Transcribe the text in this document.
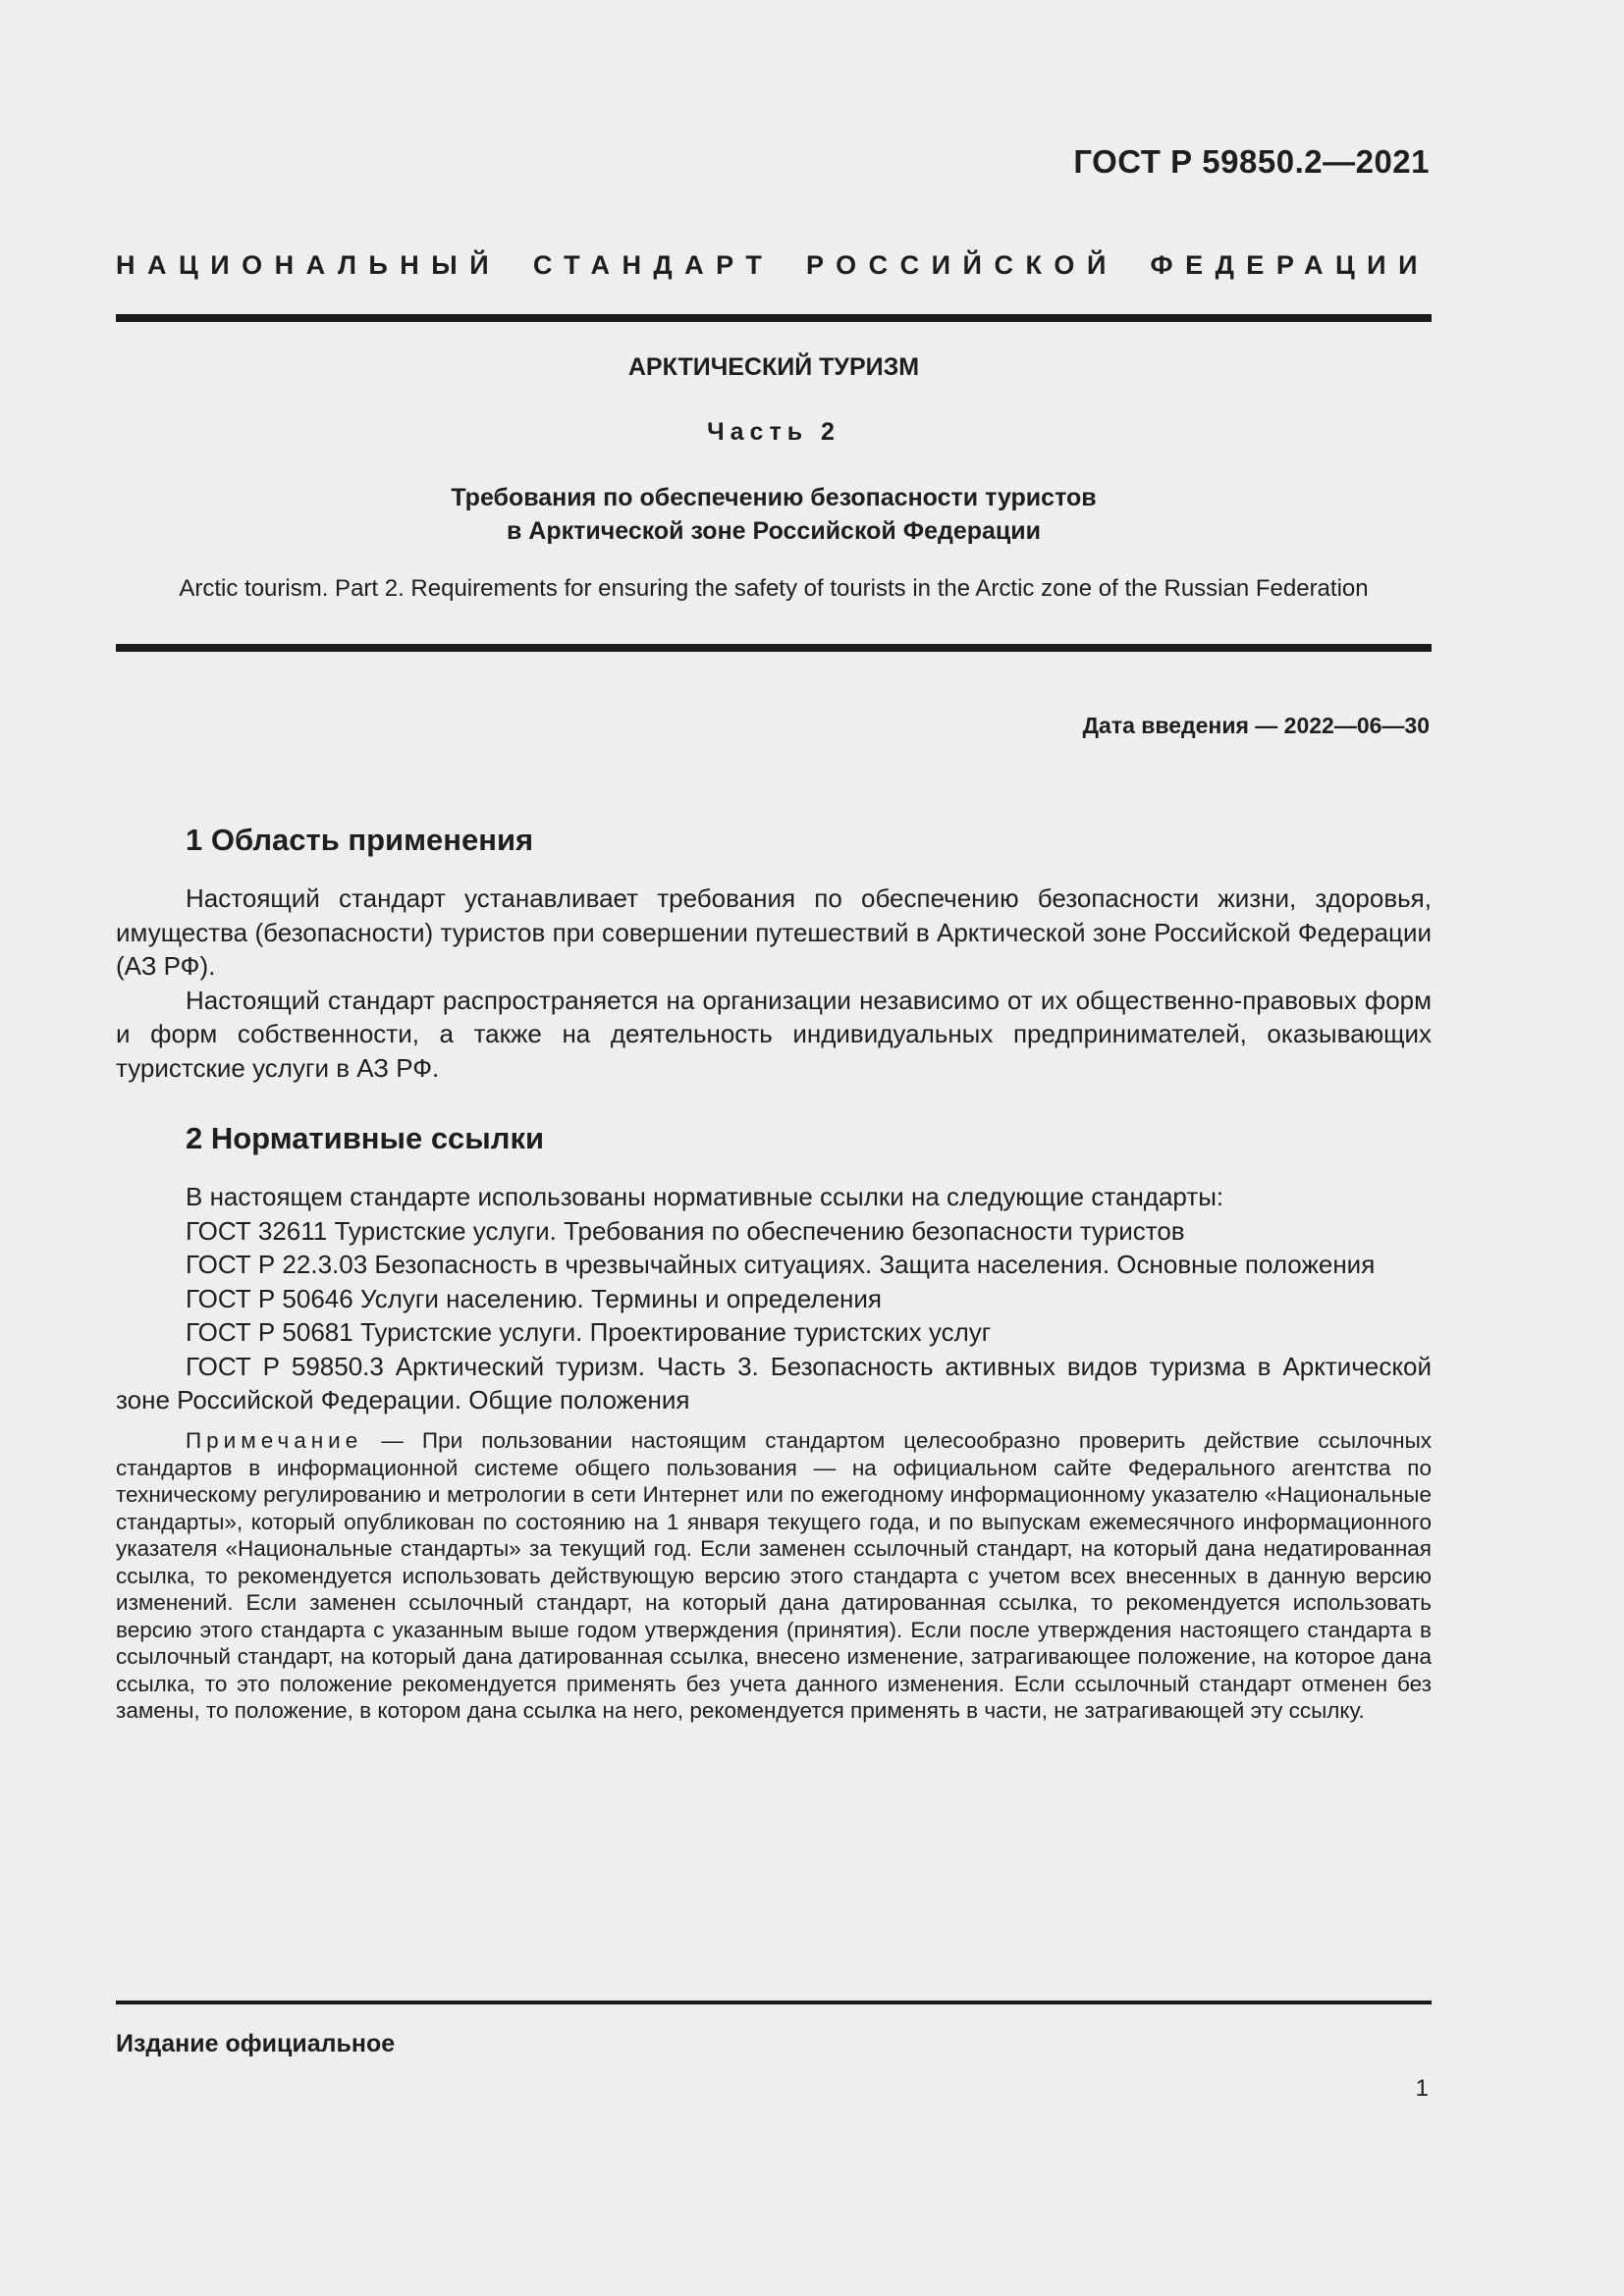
ГОСТ Р 59850.2—2021
НАЦИОНАЛЬНЫЙ СТАНДАРТ РОССИЙСКОЙ ФЕДЕРАЦИИ
АРКТИЧЕСКИЙ ТУРИЗМ
Часть 2
Требования по обеспечению безопасности туристов
в Арктической зоне Российской Федерации
Arctic tourism. Part 2. Requirements for ensuring the safety of tourists in the Arctic zone of the Russian Federation
Дата введения — 2022—06—30
1 Область применения

Настоящий стандарт устанавливает требования по обеспечению безопасности жизни, здоровья, имущества (безопасности) туристов при совершении путешествий в Арктической зоне Российской Федерации (АЗ РФ).

Настоящий стандарт распространяется на организации независимо от их общественно-правовых форм и форм собственности, а также на деятельность индивидуальных предпринимателей, оказывающих туристские услуги в АЗ РФ.

2 Нормативные ссылки

В настоящем стандарте использованы нормативные ссылки на следующие стандарты:

ГОСТ 32611 Туристские услуги. Требования по обеспечению безопасности туристов

ГОСТ Р 22.3.03 Безопасность в чрезвычайных ситуациях. Защита населения. Основные положения

ГОСТ Р 50646 Услуги населению. Термины и определения

ГОСТ Р 50681 Туристские услуги. Проектирование туристских услуг

ГОСТ Р 59850.3 Арктический туризм. Часть 3. Безопасность активных видов туризма в Арктической зоне Российской Федерации. Общие положения

Примечание — При пользовании настоящим стандартом целесообразно проверить действие ссылочных стандартов в информационной системе общего пользования — на официальном сайте Федерального агентства по техническому регулированию и метрологии в сети Интернет или по ежегодному информационному указателю «Национальные стандарты», который опубликован по состоянию на 1 января текущего года, и по выпускам ежемесячного информационного указателя «Национальные стандарты» за текущий год. Если заменен ссылочный стандарт, на который дана недатированная ссылка, то рекомендуется использовать действующую версию этого стандарта с учетом всех внесенных в данную версию изменений. Если заменен ссылочный стандарт, на который дана датированная ссылка, то рекомендуется использовать версию этого стандарта с указанным выше годом утверждения (принятия). Если после утверждения настоящего стандарта в ссылочный стандарт, на который дана датированная ссылка, внесено изменение, затрагивающее положение, на которое дана ссылка, то это положение рекомендуется применять без учета данного изменения. Если ссылочный стандарт отменен без замены, то положение, в котором дана ссылка на него, рекомендуется применять в части, не затрагивающей эту ссылку.

Издание официальное
1
